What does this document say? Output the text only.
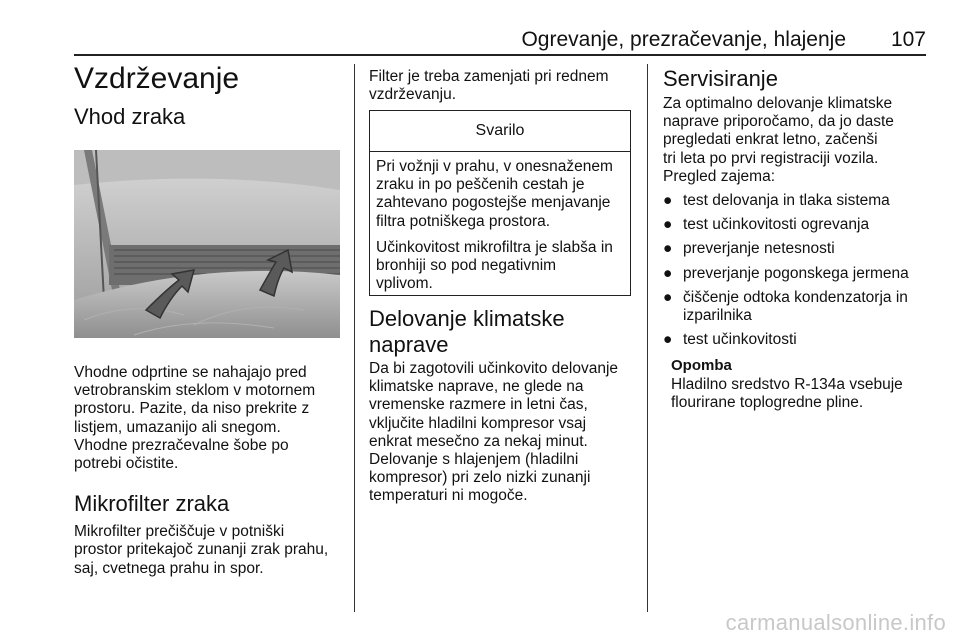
Ogrevanje, prezračevanje, hlajenje 107
Vzdrževanje
Vhod zraka

Vhodne odprtine se nahajajo pred
vetrobranskim steklom v motornem
prostoru. Pazite, da niso prekrite z
listjem, umazanijo ali snegom.
Vhodne prezračevalne šobe po
potrebi očistite.

Mikrofilter zraka

Mikrofilter prečiščuje v potniški
prostor pritekajoč zunanji zrak prahu,
saj, cvetnega prahu in spor.

Filter je treba zamenjati pri rednem
vzdrževanju.

Svarilo

Pri vožnji v prahu, v onesnaženem
zraku in po peščenih cestah je
zahtevano pogostejše menjavanje
filtra potniškega prostora.

Učinkovitost mikrofiltra je slabša in
bronhiji so pod negativnim
vplivom.

Delovanje klimatske
naprave

Da bi zagotovili učinkovito delovanje
klimatske naprave, ne glede na
vremenske razmere in letni čas,
vključite hladilni kompresor vsaj
enkrat mesečno za nekaj minut.
Delovanje s hlajenjem (hladilni
kompresor) pri zelo nizki zunanji
temperaturi ni mogoče.

Servisiranje

Za optimalno delovanje klimatske
naprave priporočamo, da jo daste
pregledati enkrat letno, začenši
tri leta po prvi registraciji vozila.
Pregled zajema:

● test delovanja in tlaka sistema
● test učinkovitosti ogrevanja
● preverjanje netesnosti
● preverjanje pogonskega jermena
● čiščenje odtoka kondenzatorja in
izparilnika
● test učinkovitosti
Opomba

Hladilno sredstvo R-134a vsebuje
flourirane toplogredne pline.

carmanualsonline.info
